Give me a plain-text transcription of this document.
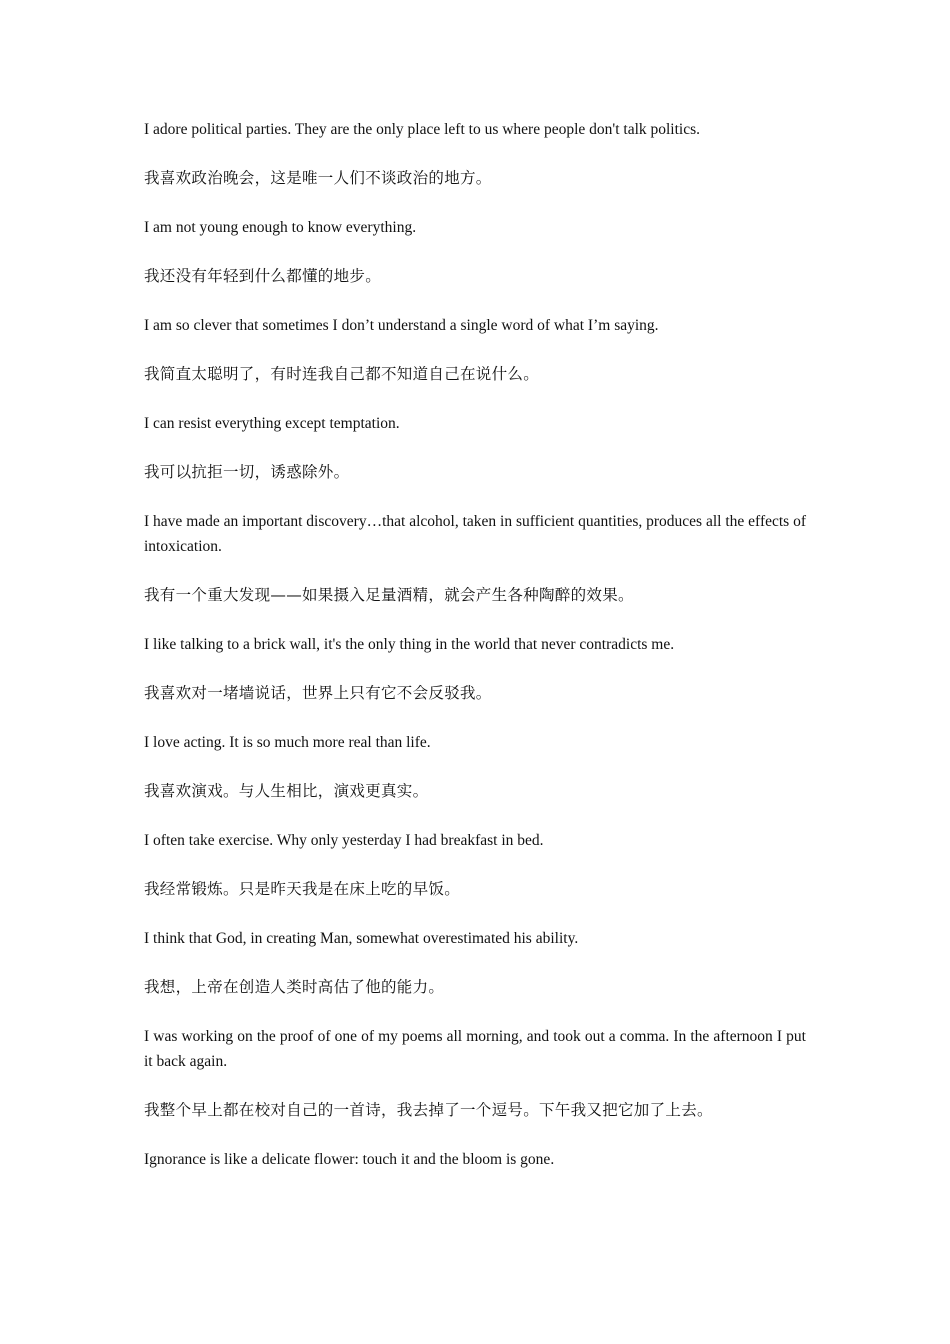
I adore political parties. They are the only place left to us where people don't talk politics.

我喜欢政治晚会，这是唯一人们不谈政治的地方。

I am not young enough to know everything.

我还没有年轻到什么都懂的地步。

I am so clever that sometimes I don’t understand a single word of what I’m saying.

我简直太聪明了，有时连我自己都不知道自己在说什么。

I can resist everything except temptation.

我可以抗拒一切，诱惑除外。

I have made an important discovery…that alcohol, taken in sufficient quantities, produces all the effects of intoxication.

我有一个重大发现——如果摄入足量酒精，就会产生各种陶醉的效果。

I like talking to a brick wall, it's the only thing in the world that never contradicts me.

我喜欢对一堵墙说话，世界上只有它不会反驳我。

I love acting. It is so much more real than life.

我喜欢演戏。与人生相比，演戏更真实。

I often take exercise. Why only yesterday I had breakfast in bed.

我经常锻炼。只是昨天我是在床上吃的早饭。

I think that God, in creating Man, somewhat overestimated his ability.

我想，上帝在创造人类时高估了他的能力。

I was working on the proof of one of my poems all morning, and took out a comma. In the afternoon I put it back again.

我整个早上都在校对自己的一首诗，我去掉了一个逗号。下午我又把它加了上去。

Ignorance is like a delicate flower: touch it and the bloom is gone.
